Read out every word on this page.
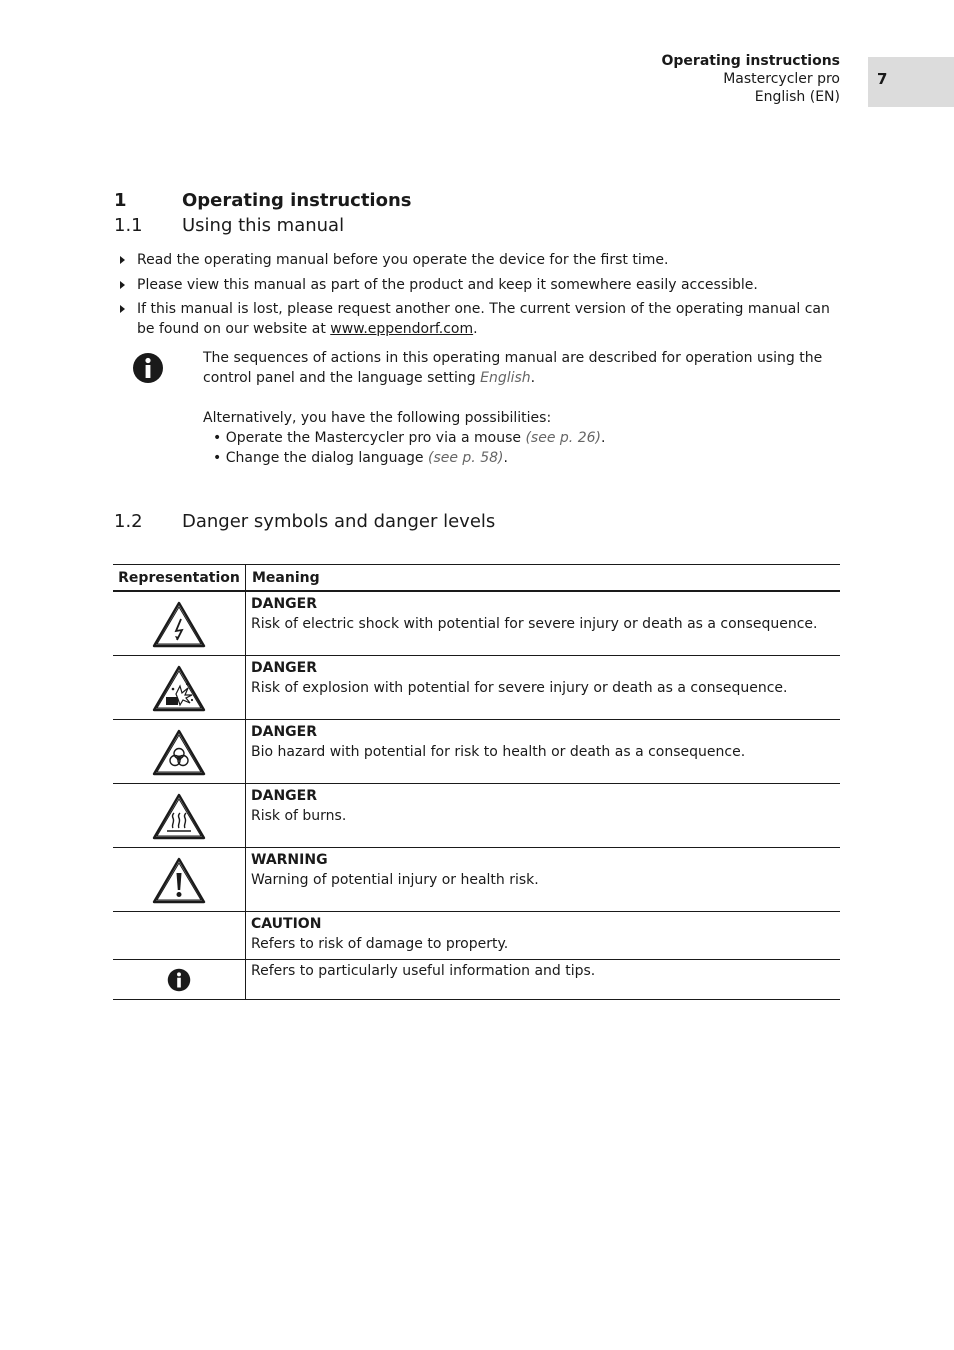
Operating instructions
Mastercycler pro
English (EN)
7
1	Operating instructions
1.1 Using this manual
Read the operating manual before you operate the device for the first time.
Please view this manual as part of the product and keep it somewhere easily accessible.
If this manual is lost, please request another one. The current version of the operating manual can be found on our website at www.eppendorf.com.
The sequences of actions in this operating manual are described for operation using the control panel and the language setting English.
Alternatively, you have the following possibilities:
• Operate the Mastercycler pro via a mouse (see p. 26).
• Change the dialog language (see p. 58).
1.2 Danger symbols and danger levels
Representation	Meaning

DANGER
Risk of electric shock with potential for severe injury or death as a consequence.

DANGER
Risk of explosion with potential for severe injury or death as a consequence.

DANGER
Bio hazard with potential for risk to health or death as a consequence.

DANGER
Risk of burns.

WARNING
Warning of potential injury or health risk.

	CAUTION
Refers to risk of damage to property.

	Refers to particularly useful information and tips.
